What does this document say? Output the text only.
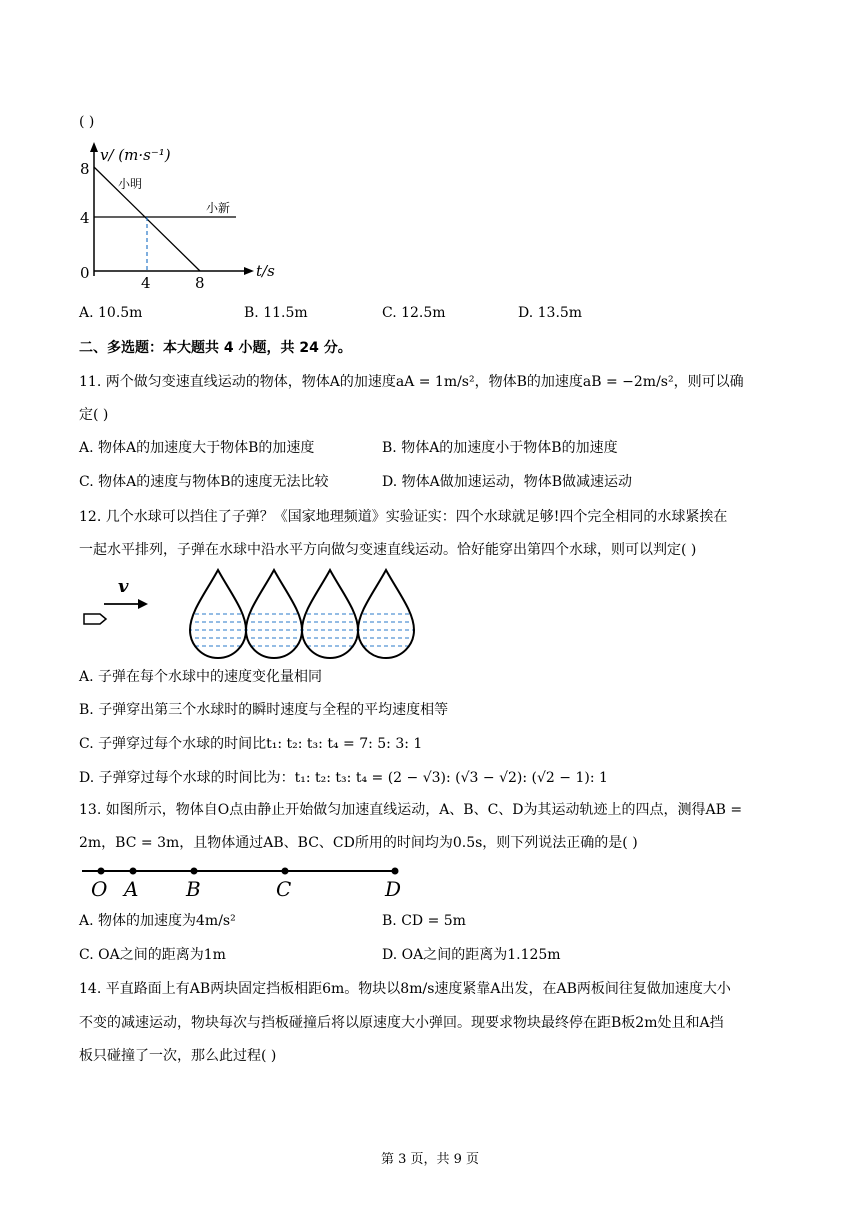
( )
v/ (m·s⁻¹)
t/s
8
4
0
4	8
小明
小新
A. 10.5m	B. 11.5m	C. 12.5m	D. 13.5m
二、多选题：本大题共 4 小题，共 24 分。
11. 两个做匀变速直线运动的物体，物体A的加速度aA = 1m/s²，物体B的加速度aB = −2m/s²，则可以确
定( )
A. 物体A的加速度大于物体B的加速度	B. 物体A的加速度小于物体B的加速度
C. 物体A的速度与物体B的速度无法比较	D. 物体A做加速运动，物体B做减速运动
12. 几个水球可以挡住了子弹？《国家地理频道》实验证实：四个水球就足够!四个完全相同的水球紧挨在
一起水平排列，子弹在水球中沿水平方向做匀变速直线运动。恰好能穿出第四个水球，则可以判定( )
v
A. 子弹在每个水球中的速度变化量相同
B. 子弹穿出第三个水球时的瞬时速度与全程的平均速度相等
C. 子弹穿过每个水球的时间比t₁: t₂: t₃: t₄ = 7: 5: 3: 1
D. 子弹穿过每个水球的时间比为：t₁: t₂: t₃: t₄ = (2 − √3): (√3 − √2): (√2 − 1): 1
13. 如图所示，物体自O点由静止开始做匀加速直线运动，A、B、C、D为其运动轨迹上的四点，测得AB =
2m，BC = 3m，且物体通过AB、BC、CD所用的时间均为0.5s，则下列说法正确的是( )
O A B	C	D
A. 物体的加速度为4m/s²	B. CD = 5m
C. OA之间的距离为1m	D. OA之间的距离为1.125m
14. 平直路面上有AB两块固定挡板相距6m。物块以8m/s速度紧靠A出发，在AB两板间往复做加速度大小
不变的减速运动，物块每次与挡板碰撞后将以原速度大小弹回。现要求物块最终停在距B板2m处且和A挡
板只碰撞了一次，那么此过程( )
第 3 页，共 9 页
